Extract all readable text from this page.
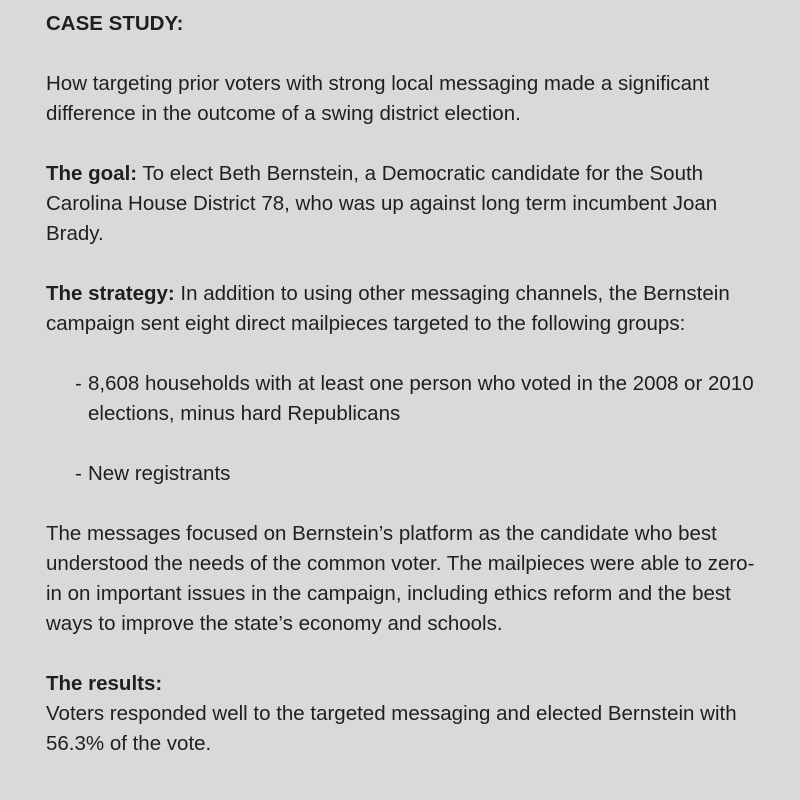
CASE STUDY:

How targeting prior voters with strong local messaging made a significant difference in the outcome of a swing district election.

The goal: To elect Beth Bernstein, a Democratic candidate for the South Carolina House District 78, who was up against long term incumbent Joan Brady.

The strategy: In addition to using other messaging channels, the Bernstein campaign sent eight direct mailpieces targeted to the following groups:

- 8,608 households with at least one person who voted in the 2008 or 2010 elections, minus hard Republicans
- New registrants

The messages focused on Bernstein’s platform as the candidate who best understood the needs of the common voter. The mailpieces were able to zero-in on important issues in the campaign, including ethics reform and the best ways to improve the state’s economy and schools.

The results:

Voters responded well to the targeted messaging and elected Bernstein with 56.3% of the vote.
